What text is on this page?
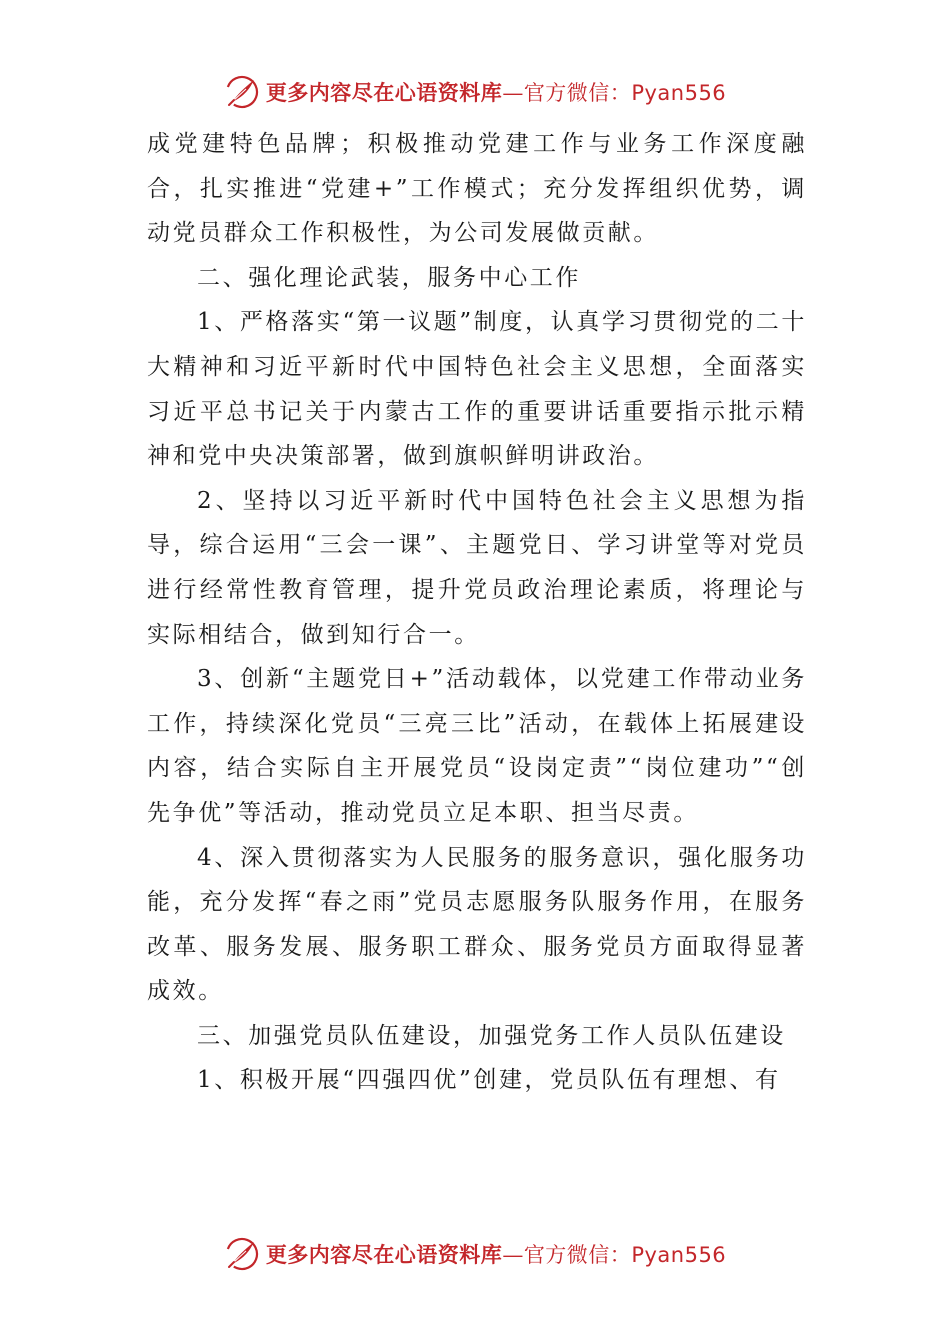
更多内容尽在心语资料库—官方微信：Pyan556

成党建特色品牌；积极推动党建工作与业务工作深度融合，扎实推进“党建+”工作模式；充分发挥组织优势，调动党员群众工作积极性，为公司发展做贡献。

二、强化理论武装，服务中心工作

1、严格落实“第一议题”制度，认真学习贯彻党的二十大精神和习近平新时代中国特色社会主义思想，全面落实习近平总书记关于内蒙古工作的重要讲话重要指示批示精神和党中央决策部署，做到旗帜鲜明讲政治。

2、坚持以习近平新时代中国特色社会主义思想为指导，综合运用“三会一课”、主题党日、学习讲堂等对党员进行经常性教育管理，提升党员政治理论素质，将理论与实际相结合，做到知行合一。

3、创新“主题党日+”活动载体，以党建工作带动业务工作，持续深化党员“三亮三比”活动，在载体上拓展建设内容，结合实际自主开展党员“设岗定责”“岗位建功”“创先争优”等活动，推动党员立足本职、担当尽责。

4、深入贯彻落实为人民服务的服务意识，强化服务功能，充分发挥“春之雨”党员志愿服务队服务作用，在服务改革、服务发展、服务职工群众、服务党员方面取得显著成效。

三、加强党员队伍建设，加强党务工作人员队伍建设

1、积极开展“四强四优”创建，党员队伍有理想、有

更多内容尽在心语资料库—官方微信：Pyan556
